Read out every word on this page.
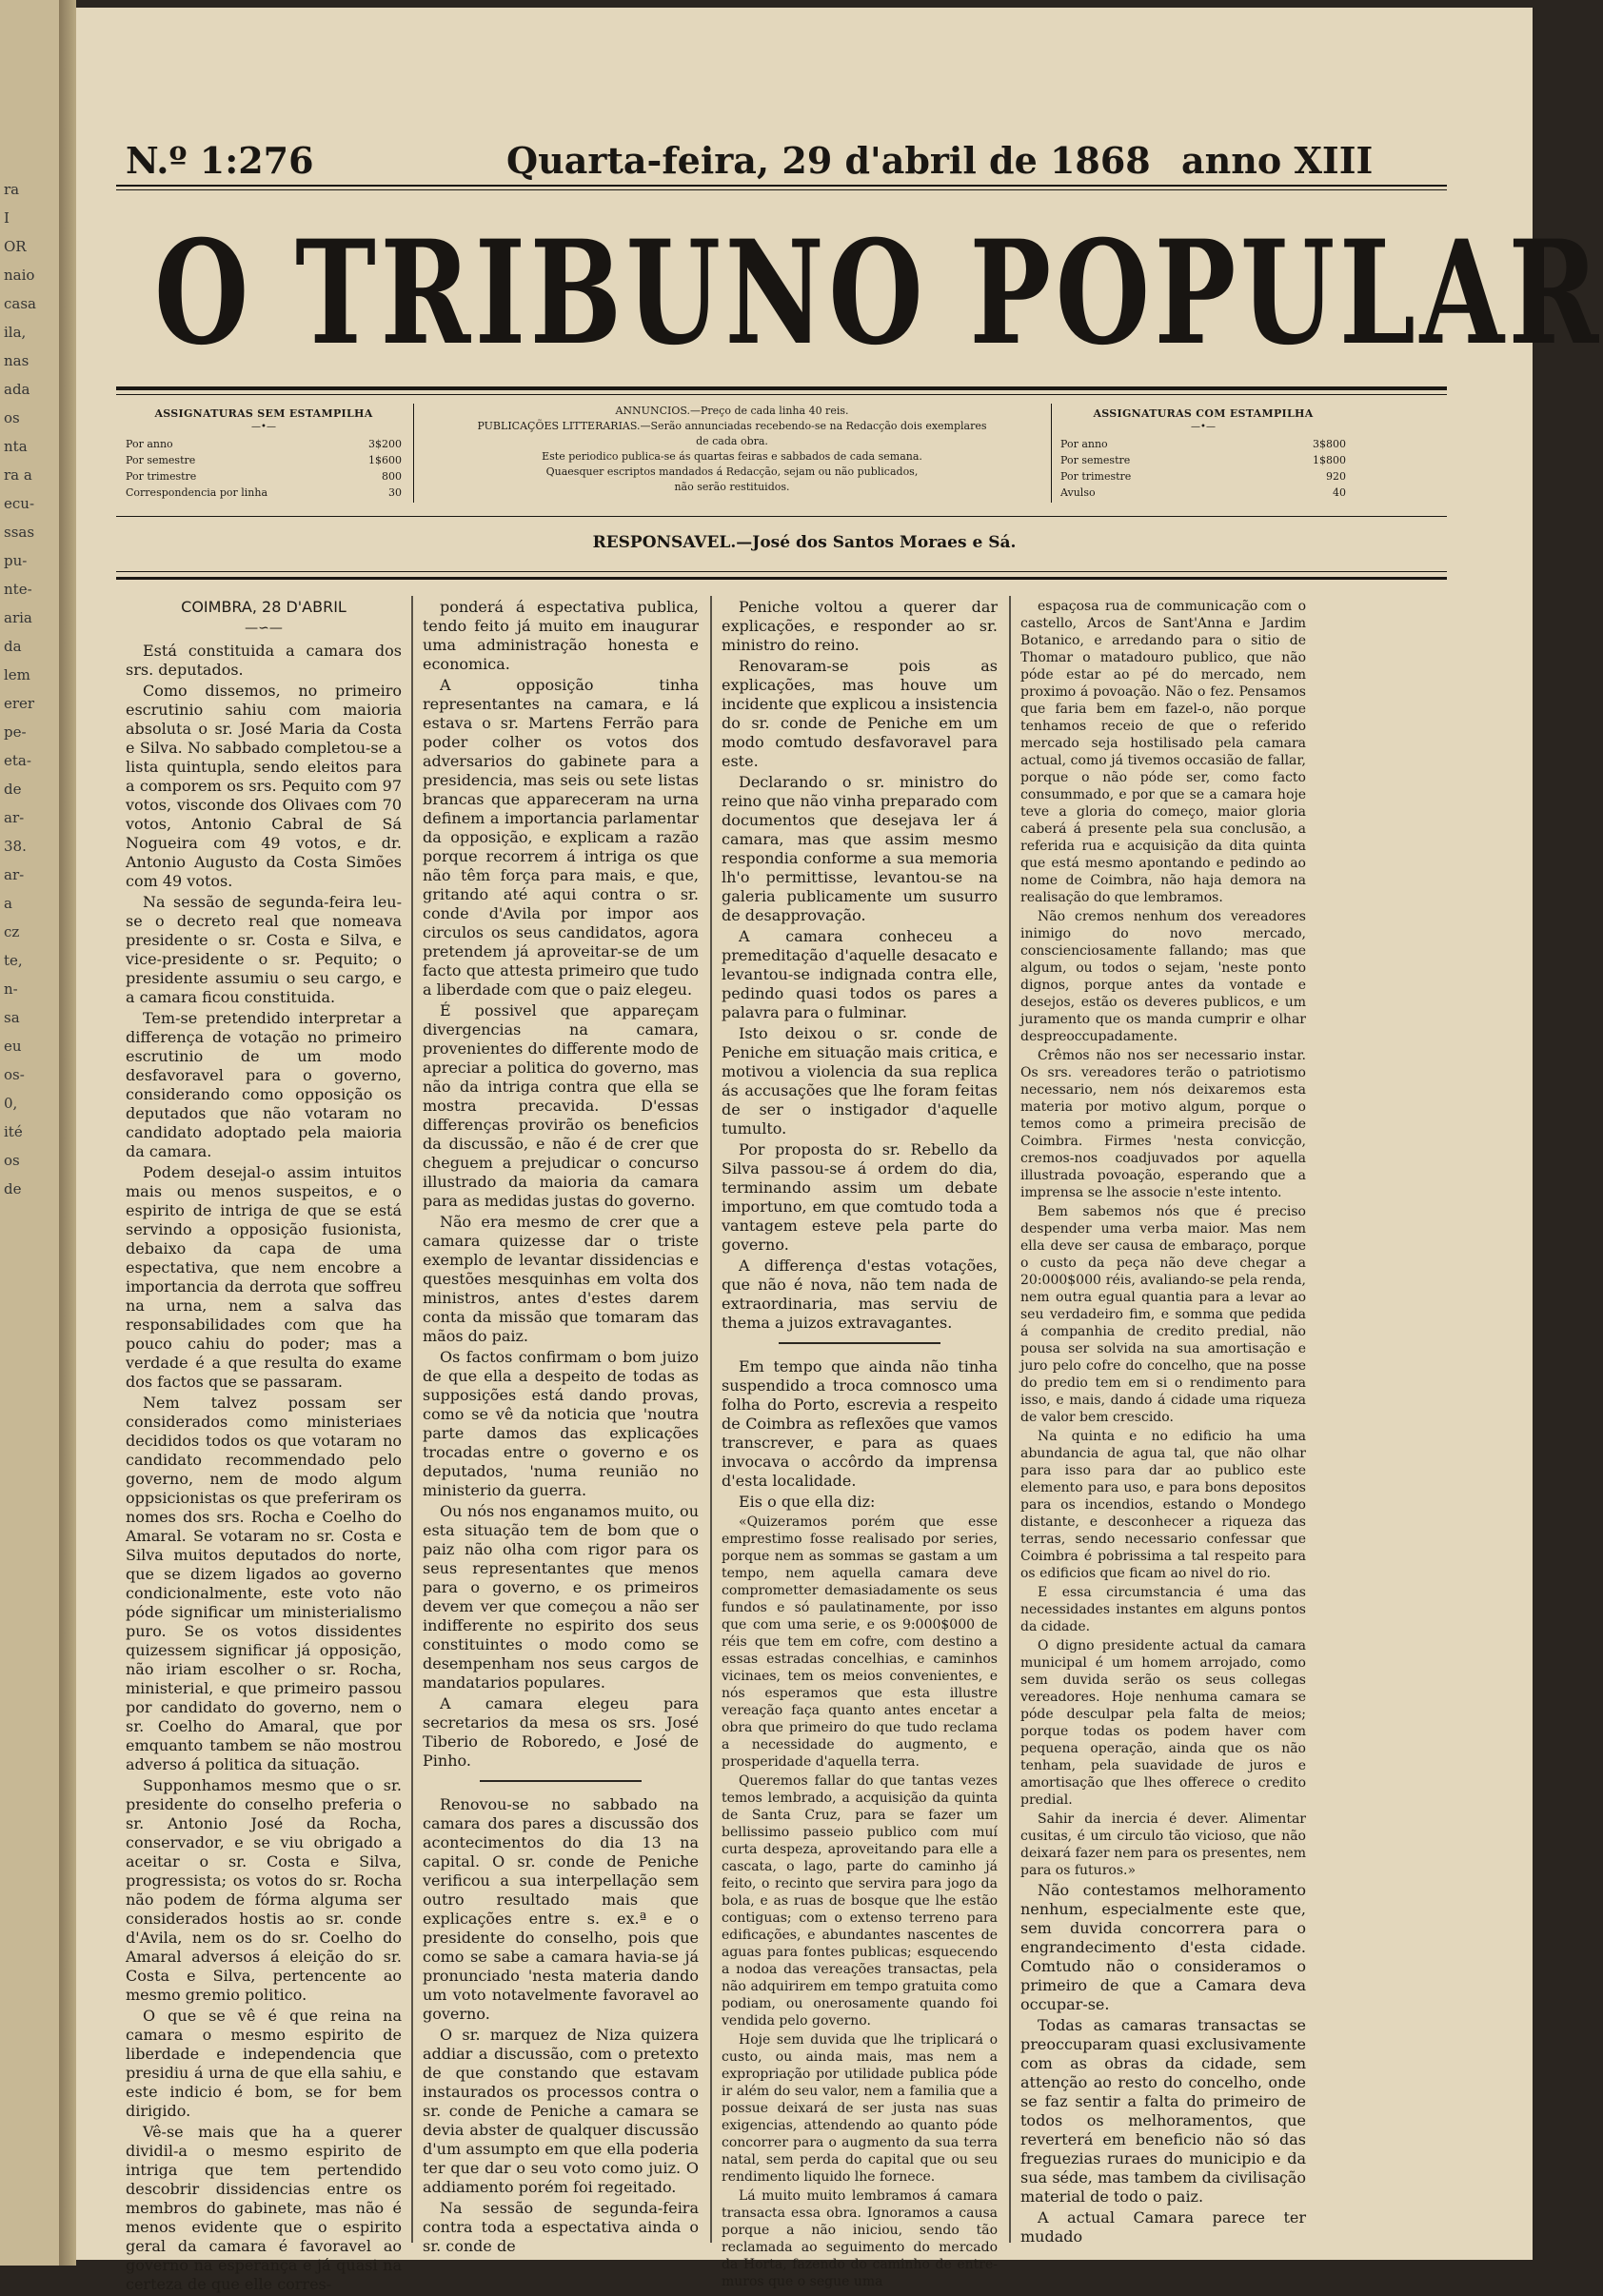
ra
I
OR
naio
casa
ila,
nas
ada
os
nta
ra a
ecu-
ssas
pu-
nte-
aria
da
lem
erer
pe-
eta-
de
ar-
38.
ar-
a
cz
te,
n-
sa
eu
os-
0,
ité
os
de
N.º 1:276	Quarta-feira, 29 d'abril de 1868 anno XIII
O TRIBUNO POPULAR
ASSIGNATURAS SEM ESTAMPILHA
—•—
Por anno	3$200
Por semestre	1$600
Por trimestre	800
Correspondencia por linha	30
ANNUNCIOS.—Preço de cada linha 40 reis.
PUBLICAÇÕES LITTERARIAS.—Serão annunciadas recebendo-se na Redacção dois exemplares
de cada obra.
Este periodico publica-se ás quartas feiras e sabbados de cada semana.
Quaesquer escriptos mandados á Redacção, sejam ou não publicados,
não serão restituidos.
ASSIGNATURAS COM ESTAMPILHA
—•—
Por anno	3$800
Por semestre	1$800
Por trimestre	920
Avulso	40
RESPONSAVEL.—José dos Santos Moraes e Sá.

COIMBRA, 28 D'ABRIL

—∽—

Está constituida a camara dos srs. deputados.

Como dissemos, no primeiro escrutinio sahiu com maioria absoluta o sr. José Maria da Costa e Silva. No sabbado completou-se a lista quintupla, sendo eleitos para a comporem os srs. Pequito com 97 votos, visconde dos Olivaes com 70 votos, Antonio Cabral de Sá Nogueira com 49 votos, e dr. Antonio Augusto da Costa Simões com 49 votos.

Na sessão de segunda-feira leu-se o decreto real que nomeava presidente o sr. Costa e Silva, e vice-presidente o sr. Pequito; o presidente assumiu o seu cargo, e a camara ficou constituida.

Tem-se pretendido interpretar a differença de votação no primeiro escrutinio de um modo desfavoravel para o governo, considerando como opposição os deputados que não votaram no candidato adoptado pela maioria da camara.

Podem desejal-o assim intuitos mais ou menos suspeitos, e o espirito de intriga de que se está servindo a opposição fusionista, debaixo da capa de uma espectativa, que nem encobre a importancia da derrota que soffreu na urna, nem a salva das responsabilidades com que ha pouco cahiu do poder; mas a verdade é a que resulta do exame dos factos que se passaram.

Nem talvez possam ser considerados como ministeriaes decididos todos os que votaram no candidato recommendado pelo governo, nem de modo algum oppsicionistas os que preferiram os nomes dos srs. Rocha e Coelho do Amaral. Se votaram no sr. Costa e Silva muitos deputados do norte, que se dizem ligados ao governo condicionalmente, este voto não póde significar um ministerialismo puro. Se os votos dissidentes quizessem significar já opposição, não iriam escolher o sr. Rocha, ministerial, e que primeiro passou por candidato do governo, nem o sr. Coelho do Amaral, que por emquanto tambem se não mostrou adverso á politica da situação.

Supponhamos mesmo que o sr. presidente do conselho preferia o sr. Antonio José da Rocha, conservador, e se viu obrigado a aceitar o sr. Costa e Silva, progressista; os votos do sr. Rocha não podem de fórma alguma ser considerados hostis ao sr. conde d'Avila, nem os do sr. Coelho do Amaral adversos á eleição do sr. Costa e Silva, pertencente ao mesmo gremio politico.

O que se vê é que reina na camara o mesmo espirito de liberdade e independencia que presidiu á urna de que ella sahiu, e este indicio é bom, se for bem dirigido.

Vê-se mais que ha a querer dividil-a o mesmo espirito de intriga que tem pertendido descobrir dissidencias entre os membros do gabinete, mas não é menos evidente que o espirito geral da camara é favoravel ao governo na esperança e já quasi na certeza de que elle corres-

ponderá á espectativa publica, tendo feito já muito em inaugurar uma administração honesta e economica.

A opposição tinha representantes na camara, e lá estava o sr. Martens Ferrão para poder colher os votos dos adversarios do gabinete para a presidencia, mas seis ou sete listas brancas que appareceram na urna definem a importancia parlamentar da opposição, e explicam a razão porque recorrem á intriga os que não têm força para mais, e que, gritando até aqui contra o sr. conde d'Avila por impor aos circulos os seus candidatos, agora pretendem já aproveitar-se de um facto que attesta primeiro que tudo a liberdade com que o paiz elegeu.

É possivel que appareçam divergencias na camara, provenientes do differente modo de apreciar a politica do governo, mas não da intriga contra que ella se mostra precavida. D'essas differenças provirão os beneficios da discussão, e não é de crer que cheguem a prejudicar o concurso illustrado da maioria da camara para as medidas justas do governo.

Não era mesmo de crer que a camara quizesse dar o triste exemplo de levantar dissidencias e questões mesquinhas em volta dos ministros, antes d'estes darem conta da missão que tomaram das mãos do paiz.

Os factos confirmam o bom juizo de que ella a despeito de todas as supposições está dando provas, como se vê da noticia que 'noutra parte damos das explicações trocadas entre o governo e os deputados, 'numa reunião no ministerio da guerra.

Ou nós nos enganamos muito, ou esta situação tem de bom que o paiz não olha com rigor para os seus representantes que menos para o governo, e os primeiros devem ver que começou a não ser indifferente no espirito dos seus constituintes o modo como se desempenham nos seus cargos de mandatarios populares.

A camara elegeu para secretarios da mesa os srs. José Tiberio de Roboredo, e José de Pinho.

Renovou-se no sabbado na camara dos pares a discussão dos acontecimentos do dia 13 na capital. O sr. conde de Peniche verificou a sua interpellação sem outro resultado mais que explicações entre s. ex.ª e o presidente do conselho, pois que como se sabe a camara havia-se já pronunciado 'nesta materia dando um voto notavelmente favoravel ao governo.

O sr. marquez de Niza quizera addiar a discussão, com o pretexto de que constando que estavam instaurados os processos contra o sr. conde de Peniche a camara se devia abster de qualquer discussão d'um assumpto em que ella poderia ter que dar o seu voto como juiz. O addiamento porém foi regeitado.

Na sessão de segunda-feira contra toda a espectativa ainda o sr. conde de

Peniche voltou a querer dar explicações, e responder ao sr. ministro do reino.

Renovaram-se pois as explicações, mas houve um incidente que explicou a insistencia do sr. conde de Peniche em um modo comtudo desfavoravel para este.

Declarando o sr. ministro do reino que não vinha preparado com documentos que desejava ler á camara, mas que assim mesmo respondia conforme a sua memoria lh'o permittisse, levantou-se na galeria publicamente um susurro de desapprovação.

A camara conheceu a premeditação d'aquelle desacato e levantou-se indignada contra elle, pedindo quasi todos os pares a palavra para o fulminar.

Isto deixou o sr. conde de Peniche em situação mais critica, e motivou a violencia da sua replica ás accusações que lhe foram feitas de ser o instigador d'aquelle tumulto.

Por proposta do sr. Rebello da Silva passou-se á ordem do dia, terminando assim um debate importuno, em que comtudo toda a vantagem esteve pela parte do governo.

A differença d'estas votações, que não é nova, não tem nada de extraordinaria, mas serviu de thema a juizos extravagantes.

Em tempo que ainda não tinha suspendido a troca comnosco uma folha do Porto, escrevia a respeito de Coimbra as reflexões que vamos transcrever, e para as quaes invocava o accôrdo da imprensa d'esta localidade.

Eis o que ella diz:

«Quizeramos porém que esse emprestimo fosse realisado por series, porque nem as sommas se gastam a um tempo, nem aquella camara deve comprometter demasiadamente os seus fundos e só paulatinamente, por isso que com uma serie, e os 9:000$000 de réis que tem em cofre, com destino a essas estradas concelhias, e caminhos vicinaes, tem os meios convenientes, e nós esperamos que esta illustre vereação faça quanto antes encetar a obra que primeiro do que tudo reclama a necessidade do augmento, e prosperidade d'aquella terra.

Queremos fallar do que tantas vezes temos lembrado, a acquisição da quinta de Santa Cruz, para se fazer um bellissimo passeio publico com muí curta despeza, aproveitando para elle a cascata, o lago, parte do caminho já feito, o recinto que servira para jogo da bola, e as ruas de bosque que lhe estão contiguas; com o extenso terreno para edificações, e abundantes nascentes de aguas para fontes publicas; esquecendo a nodoa das vereações transactas, pela não adquirirem em tempo gratuita como podiam, ou onerosamente quando foi vendida pelo governo.

Hoje sem duvida que lhe triplicará o custo, ou ainda mais, mas nem a expropriação por utilidade publica póde ir além do seu valor, nem a familia que a possue deixará de ser justa nas suas exigencias, attendendo ao quanto póde concorrer para o augmento da sua terra natal, sem perda do capital que ou seu rendimento liquido lhe fornece.

Lá muito muito lembramos á camara transacta essa obra. Ignoramos a causa porque a não iniciou, sendo tão reclamada ao seguimento do mercado da Horta, fazendo do caminho de entre-muros que o segue uma

espaçosa rua de communicação com o castello, Arcos de Sant'Anna e Jardim Botanico, e arredando para o sitio de Thomar o matadouro publico, que não póde estar ao pé do mercado, nem proximo á povoação. Não o fez. Pensamos que faria bem em fazel-o, não porque tenhamos receio de que o referido mercado seja hostilisado pela camara actual, como já tivemos occasião de fallar, porque o não póde ser, como facto consummado, e por que se a camara hoje teve a gloria do começo, maior gloria caberá á presente pela sua conclusão, a referida rua e acquisição da dita quinta que está mesmo apontando e pedindo ao nome de Coimbra, não haja demora na realisação do que lembramos.

Não cremos nenhum dos vereadores inimigo do novo mercado, conscienciosamente fallando; mas que algum, ou todos o sejam, 'neste ponto dignos, porque antes da vontade e desejos, estão os deveres publicos, e um juramento que os manda cumprir e olhar despreoccupadamente.

Crêmos não nos ser necessario instar. Os srs. vereadores terão o patriotismo necessario, nem nós deixaremos esta materia por motivo algum, porque o temos como a primeira precisão de Coimbra. Firmes 'nesta convicção, cremos-nos coadjuvados por aquella illustrada povoação, esperando que a imprensa se lhe associe n'este intento.

Bem sabemos nós que é preciso despender uma verba maior. Mas nem ella deve ser causa de embaraço, porque o custo da peça não deve chegar a 20:000$000 réis, avaliando-se pela renda, nem outra egual quantia para a levar ao seu verdadeiro fim, e somma que pedida á companhia de credito predial, não pousa ser solvida na sua amortisação e juro pelo cofre do concelho, que na posse do predio tem em si o rendimento para isso, e mais, dando á cidade uma riqueza de valor bem crescido.

Na quinta e no edificio ha uma abundancia de agua tal, que não olhar para isso para dar ao publico este elemento para uso, e para bons depositos para os incendios, estando o Mondego distante, e desconhecer a riqueza das terras, sendo necessario confessar que Coimbra é pobrissima a tal respeito para os edificios que ficam ao nivel do rio.

E essa circumstancia é uma das necessidades instantes em alguns pontos da cidade.

O digno presidente actual da camara municipal é um homem arrojado, como sem duvida serão os seus collegas vereadores. Hoje nenhuma camara se póde desculpar pela falta de meios; porque todas os podem haver com pequena operação, ainda que os não tenham, pela suavidade de juros e amortisação que lhes offerece o credito predial.

Sahir da inercia é dever. Alimentar cusitas, é um circulo tão vicioso, que não deixará fazer nem para os presentes, nem para os futuros.»

Não contestamos melhoramento nenhum, especialmente este que, sem duvida concorrera para o engrandecimento d'esta cidade. Comtudo não o consideramos o primeiro de que a Camara deva occupar-se.

Todas as camaras transactas se preoccuparam quasi exclusivamente com as obras da cidade, sem attenção ao resto do concelho, onde se faz sentir a falta do primeiro de todos os melhoramentos, que reverterá em beneficio não só das freguezias ruraes do municipio e da sua séde, mas tambem da civilisação material de todo o paiz.

A actual Camara parece ter mudado
